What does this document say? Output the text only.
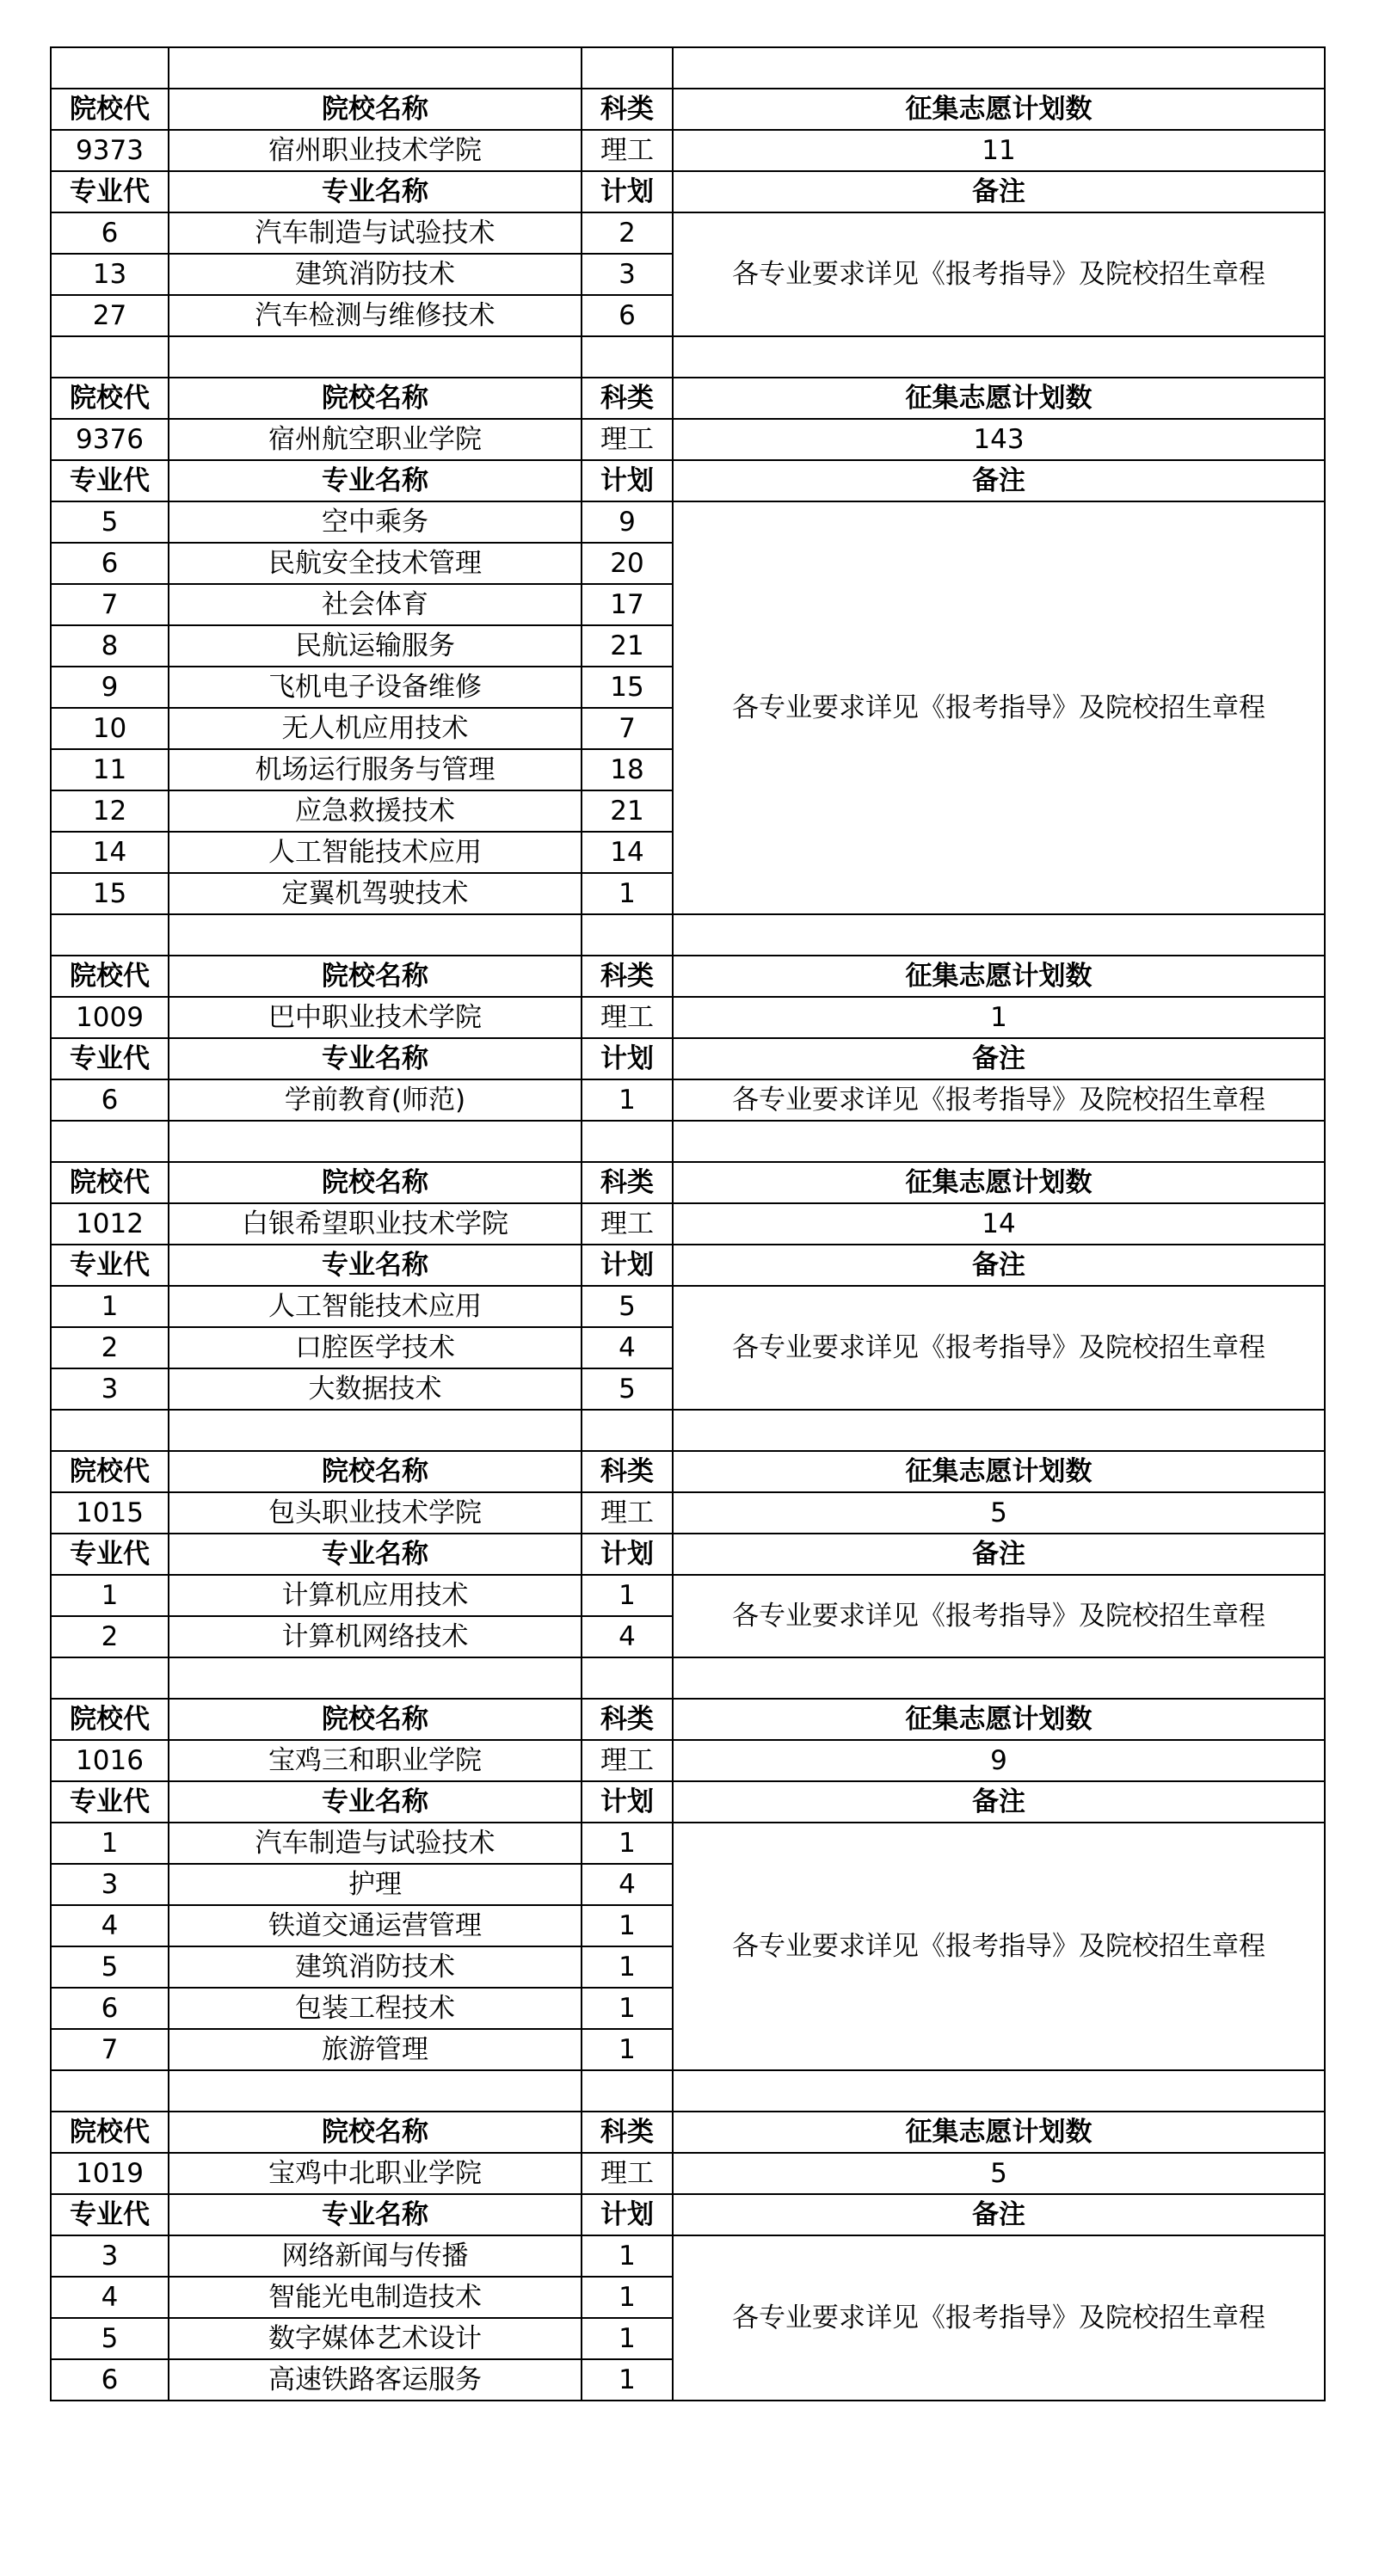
院校代	院校名称	科类	征集志愿计划数
9373	宿州职业技术学院	理工	11
专业代	专业名称	计划	备注
6	汽车制造与试验技术	2	各专业要求详见《报考指导》及院校招生章程
13	建筑消防技术	3	
27	汽车检测与维修技术	6	

院校代	院校名称	科类	征集志愿计划数
9376	宿州航空职业学院	理工	143
专业代	专业名称	计划	备注
5	空中乘务	9	各专业要求详见《报考指导》及院校招生章程
6	民航安全技术管理	20	
7	社会体育	17	
8	民航运输服务	21	
9	飞机电子设备维修	15	
10	无人机应用技术	7	
11	机场运行服务与管理	18	
12	应急救援技术	21	
14	人工智能技术应用	14	
15	定翼机驾驶技术	1	

院校代	院校名称	科类	征集志愿计划数
1009	巴中职业技术学院	理工	1
专业代	专业名称	计划	备注
6	学前教育(师范)	1	各专业要求详见《报考指导》及院校招生章程

院校代	院校名称	科类	征集志愿计划数
1012	白银希望职业技术学院	理工	14
专业代	专业名称	计划	备注
1	人工智能技术应用	5	各专业要求详见《报考指导》及院校招生章程
2	口腔医学技术	4	
3	大数据技术	5	

院校代	院校名称	科类	征集志愿计划数
1015	包头职业技术学院	理工	5
专业代	专业名称	计划	备注
1	计算机应用技术	1	各专业要求详见《报考指导》及院校招生章程
2	计算机网络技术	4	

院校代	院校名称	科类	征集志愿计划数
1016	宝鸡三和职业学院	理工	9
专业代	专业名称	计划	备注
1	汽车制造与试验技术	1	各专业要求详见《报考指导》及院校招生章程
3	护理	4	
4	铁道交通运营管理	1	
5	建筑消防技术	1	
6	包装工程技术	1	
7	旅游管理	1	

院校代	院校名称	科类	征集志愿计划数
1019	宝鸡中北职业学院	理工	5
专业代	专业名称	计划	备注
3	网络新闻与传播	1	各专业要求详见《报考指导》及院校招生章程
4	智能光电制造技术	1	
5	数字媒体艺术设计	1	
6	高速铁路客运服务	1	
